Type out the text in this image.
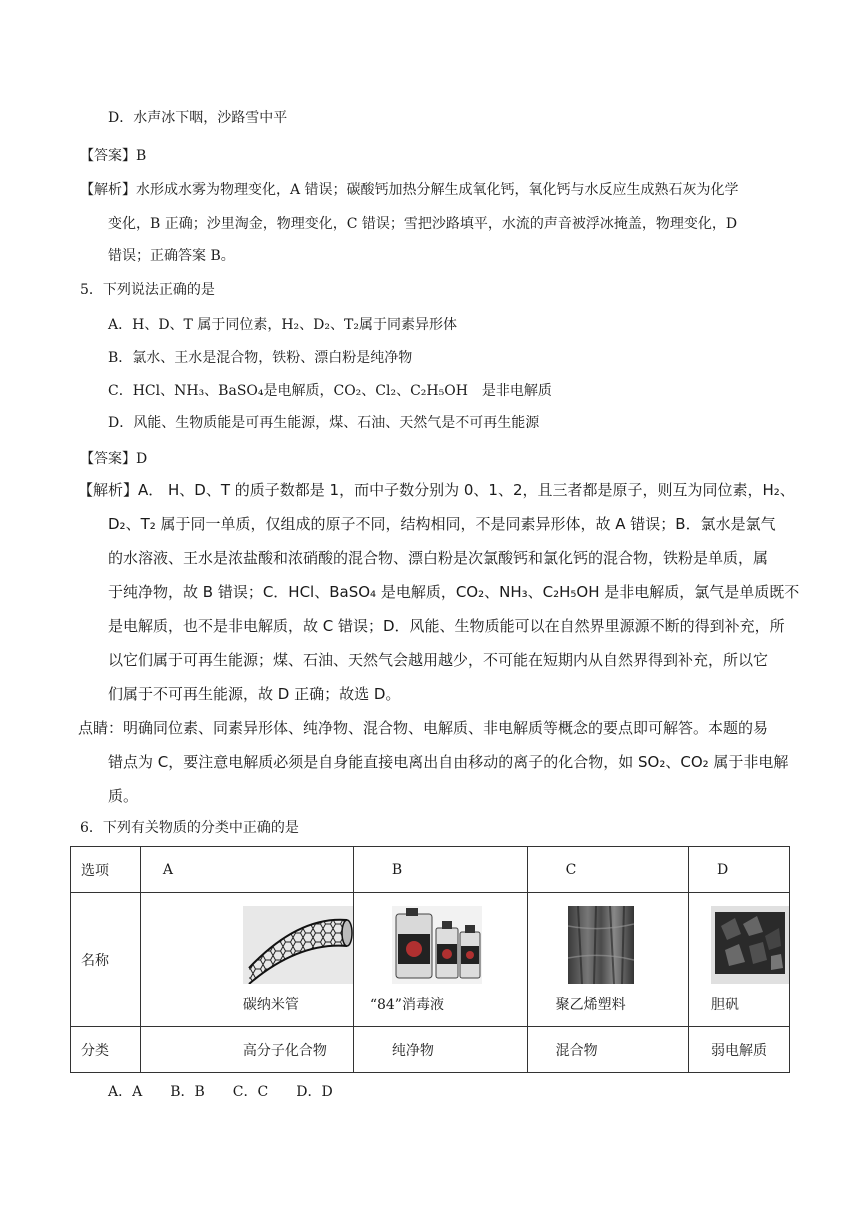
D．水声冰下咽，沙路雪中平
【答案】B
【解析】水形成水雾为物理变化，A 错误；碳酸钙加热分解生成氧化钙，氧化钙与水反应生成熟石灰为化学
变化，B 正确；沙里淘金，物理变化，C 错误；雪把沙路填平，水流的声音被浮冰掩盖，物理变化，D
错误；正确答案 B。
5．下列说法正确的是
A．H、D、T 属于同位素，H₂、D₂、T₂属于同素异形体
B．氯水、王水是混合物，铁粉、漂白粉是纯净物
C．HCl、NH₃、BaSO₄是电解质，CO₂、Cl₂、C₂H₅OH　是非电解质
D．风能、生物质能是可再生能源，煤、石油、天然气是不可再生能源
【答案】D
【解析】A． H、D、T 的质子数都是 1，而中子数分别为 0、1、2，且三者都是原子，则互为同位素，H₂、
D₂、T₂ 属于同一单质，仅组成的原子不同，结构相同，不是同素异形体，故 A 错误；B．氯水是氯气
的水溶液、王水是浓盐酸和浓硝酸的混合物、漂白粉是次氯酸钙和氯化钙的混合物，铁粉是单质，属
于纯净物，故 B 错误；C．HCl、BaSO₄ 是电解质，CO₂、NH₃、C₂H₅OH 是非电解质，氯气是单质既不
是电解质，也不是非电解质，故 C 错误；D．风能、生物质能可以在自然界里源源不断的得到补充，所
以它们属于可再生能源；煤、石油、天然气会越用越少，不可能在短期内从自然界得到补充，所以它
们属于不可再生能源，故 D 正确；故选 D。
点睛：明确同位素、同素异形体、纯净物、混合物、电解质、非电解质等概念的要点即可解答。本题的易
错点为 C，要注意电解质必须是自身能直接电离出自由移动的离子的化合物，如 SO₂、CO₂ 属于非电解
质。
6．下列有关物质的分类中正确的是
选项	A	B	C	D
名称	碳纳米管	“84”消毒液	聚乙烯塑料	胆矾

分类	高分子化合物	纯净物	混合物	弱电解质
A．A　　B．B　　C．C　　D．D
